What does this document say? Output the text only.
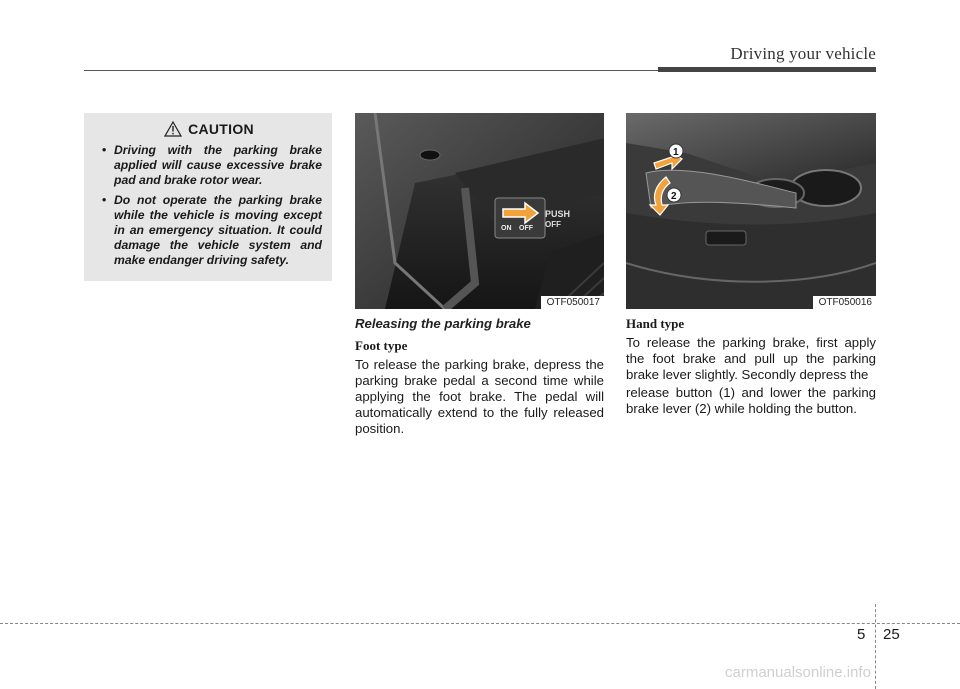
Driving your vehicle
CAUTION
• Driving with the parking brake applied will cause excessive brake pad and brake rotor wear.
• Do not operate the parking brake while the vehicle is moving except in an emergency situation. It could damage the vehicle system and make endanger driving safety.
PUSH
OFF
ON OFF
OTF050017
1
2
OTF050016
Releasing the parking brake
Foot type

To release the parking brake, depress the parking brake pedal a second time while applying the foot brake. The pedal will automatically extend to the fully released position.

Hand type

To release the parking brake, first apply the foot brake and pull up the parking brake lever slightly. Secondly depress the

release button (1) and lower the parking brake lever (2) while holding the button.

5 25
carmanualsonline.info
